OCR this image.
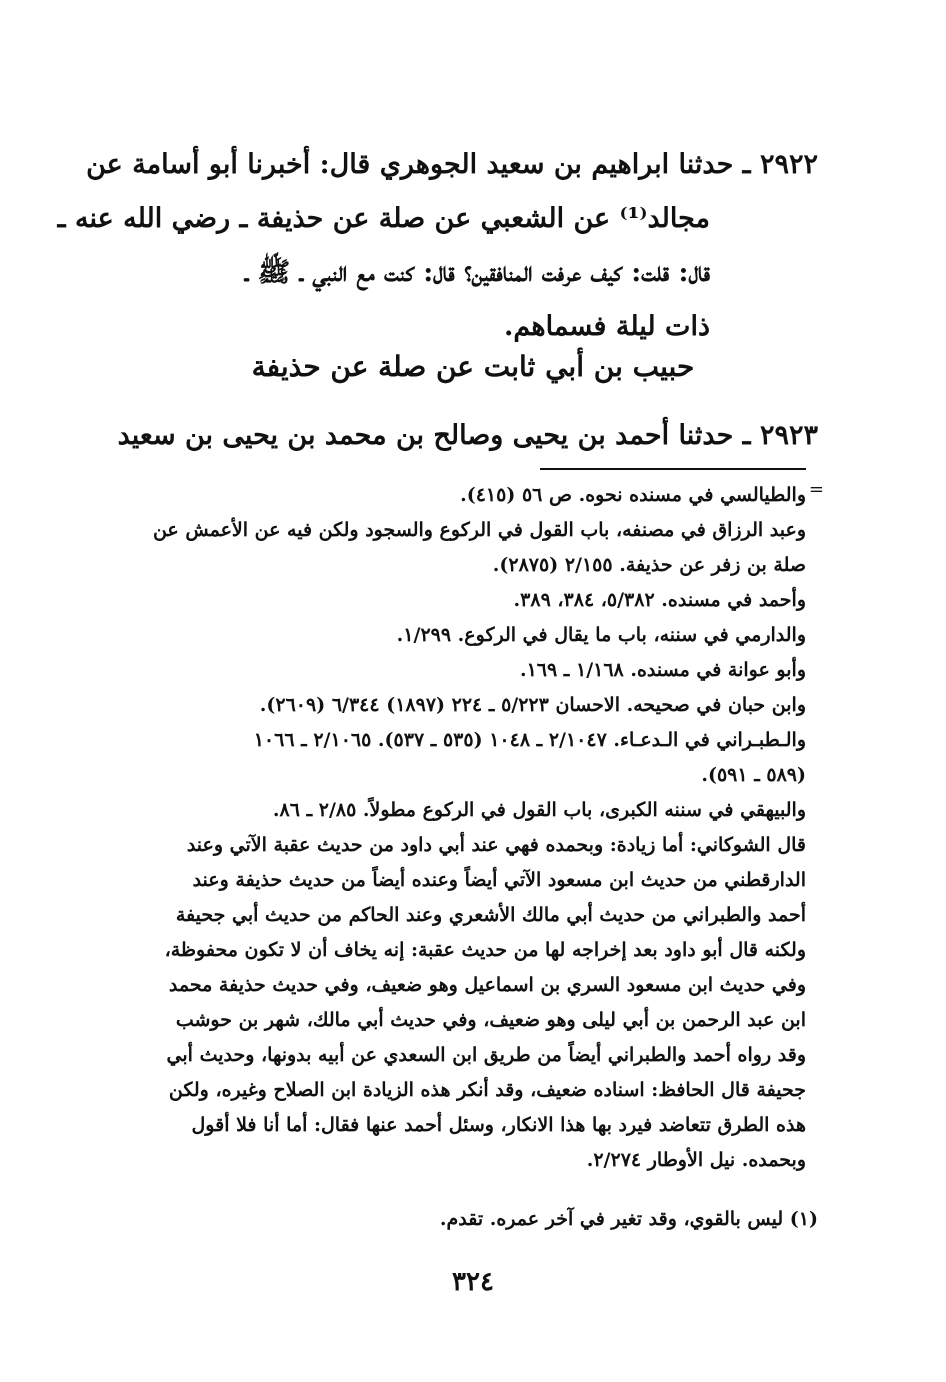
٢٩٢٢ ـ حدثنا ابراهيم بن سعيد الجوهري قال: أخبرنا أبو أسامة عن
مجالد⁽¹⁾ عن الشعبي عن صلة عن حذيفة ـ رضي الله عنه ـ
قال: قلت: كيف عرفت المنافقين؟ قال: كنت مع النبي ـ ﷺ ـ
ذات ليلة فسماهم.
حبيب بن أبي ثابت عن صلة عن حذيفة
٢٩٢٣ ـ حدثنا أحمد بن يحيى وصالح بن محمد بن يحيى بن سعيد
=
والطيالسي في مسنده نحوه. ص ٥٦ (٤١٥).
وعبد الرزاق في مصنفه، باب القول في الركوع والسجود ولكن فيه عن الأعمش عن
صلة بن زفر عن حذيفة. ٢/١٥٥ (٢٨٧٥).
وأحمد في مسنده. ٥/٣٨٢، ٣٨٤، ٣٨٩.
والدارمي في سننه، باب ما يقال في الركوع. ١/٢٩٩.
وأبو عوانة في مسنده. ١/١٦٨ ـ ١٦٩.
وابن حبان في صحيحه. الاحسان ٥/٢٢٣ ـ ٢٢٤ (١٨٩٧) ٦/٣٤٤ (٢٦٠٩).
والـطبـراني في الـدعـاء. ٢/١٠٤٧ ـ ١٠٤٨ (٥٣٥ ـ ٥٣٧). ٢/١٠٦٥ ـ ١٠٦٦
(٥٨٩ ـ ٥٩١).
والبيهقي في سننه الكبرى، باب القول في الركوع مطولاً. ٢/٨٥ ـ ٨٦.
قال الشوكاني: أما زيادة: وبحمده فهي عند أبي داود من حديث عقبة الآتي وعند
الدارقطني من حديث ابن مسعود الآتي أيضاً وعنده أيضاً من حديث حذيفة وعند
أحمد والطبراني من حديث أبي مالك الأشعري وعند الحاكم من حديث أبي جحيفة
ولكنه قال أبو داود بعد إخراجه لها من حديث عقبة: إنه يخاف أن لا تكون محفوظة،
وفي حديث ابن مسعود السري بن اسماعيل وهو ضعيف، وفي حديث حذيفة محمد
ابن عبد الرحمن بن أبي ليلى وهو ضعيف، وفي حديث أبي مالك، شهر بن حوشب
وقد رواه أحمد والطبراني أيضاً من طريق ابن السعدي عن أبيه بدونها، وحديث أبي
جحيفة قال الحافظ: اسناده ضعيف، وقد أنكر هذه الزيادة ابن الصلاح وغيره، ولكن
هذه الطرق تتعاضد فيرد بها هذا الانكار، وسئل أحمد عنها فقال: أما أنا فلا أقول
وبحمده. نيل الأوطار ٢/٢٧٤.
(١) ليس بالقوي، وقد تغير في آخر عمره. تقدم.
٣٢٤
